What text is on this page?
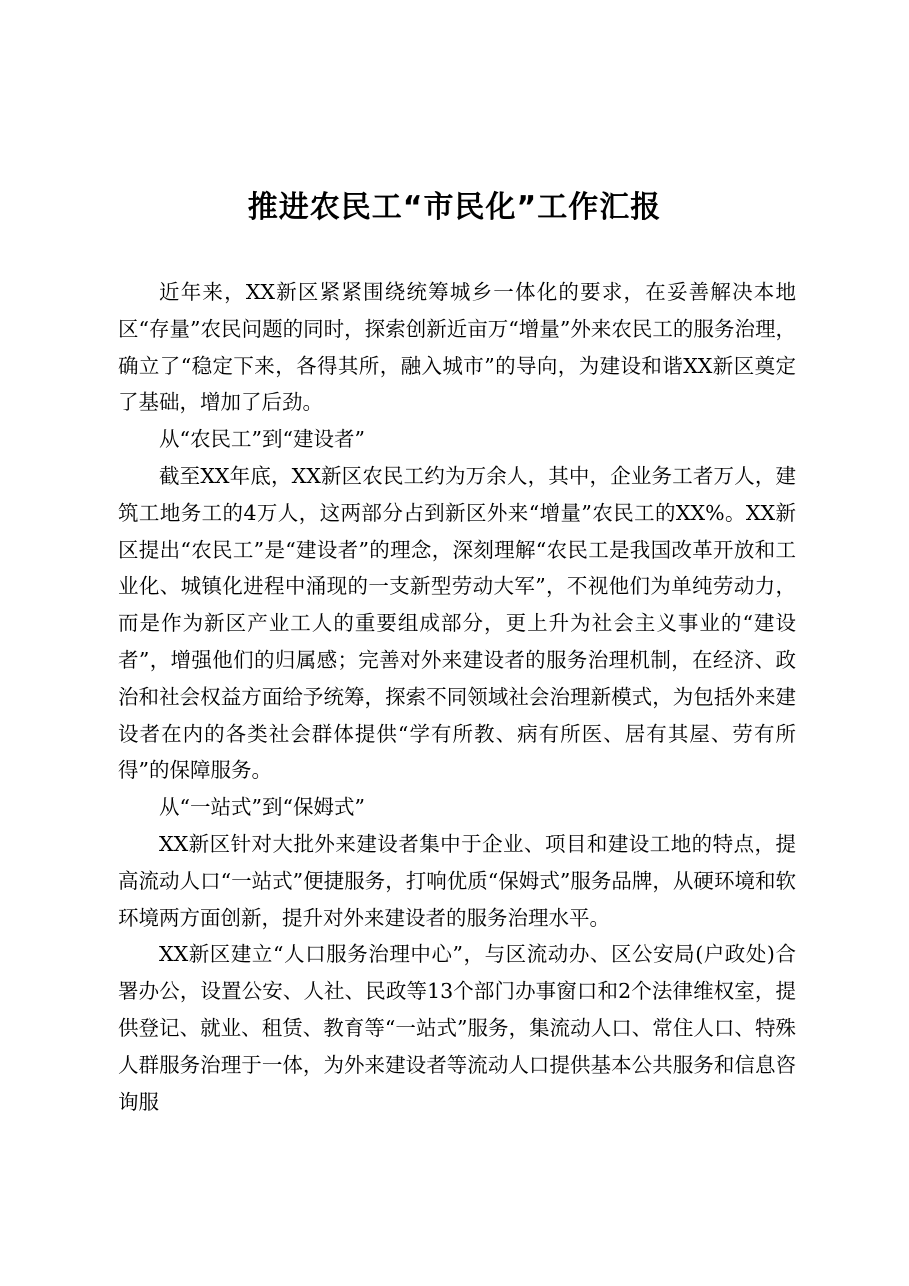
推进农民工“市民化”工作汇报

近年来，XX新区紧紧围绕统筹城乡一体化的要求，在妥善解决本地区“存量”农民问题的同时，探索创新近亩万“增量”外来农民工的服务治理，确立了“稳定下来，各得其所，融入城市”的导向，为建设和谐XX新区奠定了基础，增加了后劲。

从“农民工”到“建设者”

截至XX年底，XX新区农民工约为万余人，其中，企业务工者万人，建筑工地务工的4万人，这两部分占到新区外来“增量”农民工的XX%。XX新区提出“农民工”是“建设者”的理念，深刻理解“农民工是我国改革开放和工业化、城镇化进程中涌现的一支新型劳动大军”，不视他们为单纯劳动力，而是作为新区产业工人的重要组成部分，更上升为社会主义事业的“建设者”，增强他们的归属感；完善对外来建设者的服务治理机制，在经济、政治和社会权益方面给予统筹，探索不同领域社会治理新模式，为包括外来建设者在内的各类社会群体提供“学有所教、病有所医、居有其屋、劳有所得”的保障服务。

从“一站式”到“保姆式”

XX新区针对大批外来建设者集中于企业、项目和建设工地的特点，提高流动人口“一站式”便捷服务，打响优质“保姆式”服务品牌，从硬环境和软环境两方面创新，提升对外来建设者的服务治理水平。

XX新区建立“人口服务治理中心”，与区流动办、区公安局(户政处)合署办公，设置公安、人社、民政等13个部门办事窗口和2个法律维权室，提供登记、就业、租赁、教育等“一站式”服务，集流动人口、常住人口、特殊人群服务治理于一体，为外来建设者等流动人口提供基本公共服务和信息咨询服
